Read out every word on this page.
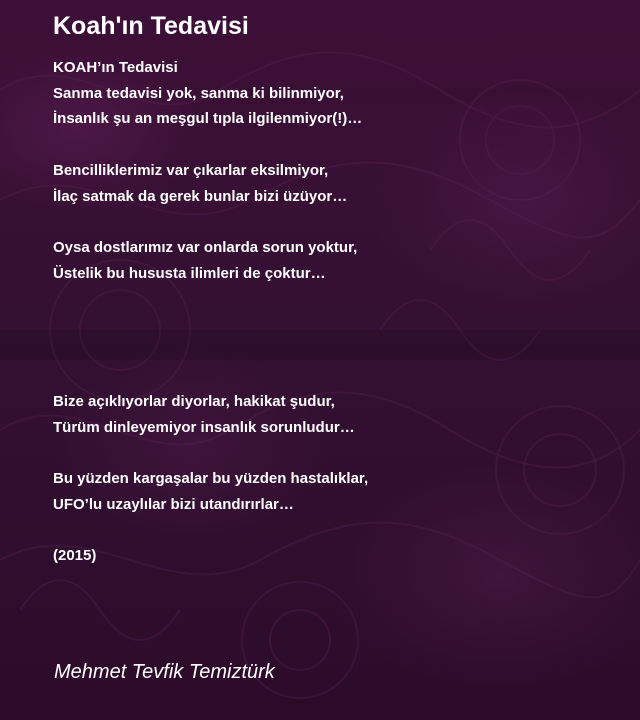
Koah'ın Tedavisi
KOAH’ın Tedavisi
Sanma tedavisi yok, sanma ki bilinmiyor,
İnsanlık şu an meşgul tıpla ilgilenmiyor(!)…
Bencilliklerimiz var çıkarlar eksilmiyor,
İlaç satmak da gerek bunlar bizi üzüyor…
Oysa dostlarımız var onlarda sorun yoktur,
Üstelik bu hususta ilimleri de çoktur…
Bize açıklıyorlar diyorlar, hakikat şudur,
Türüm dinleyemiyor insanlık sorunludur…
Bu yüzden kargaşalar bu yüzden hastalıklar,
UFO’lu uzaylılar bizi utandırırlar…
(2015)
Mehmet Tevfik Temiztürk
